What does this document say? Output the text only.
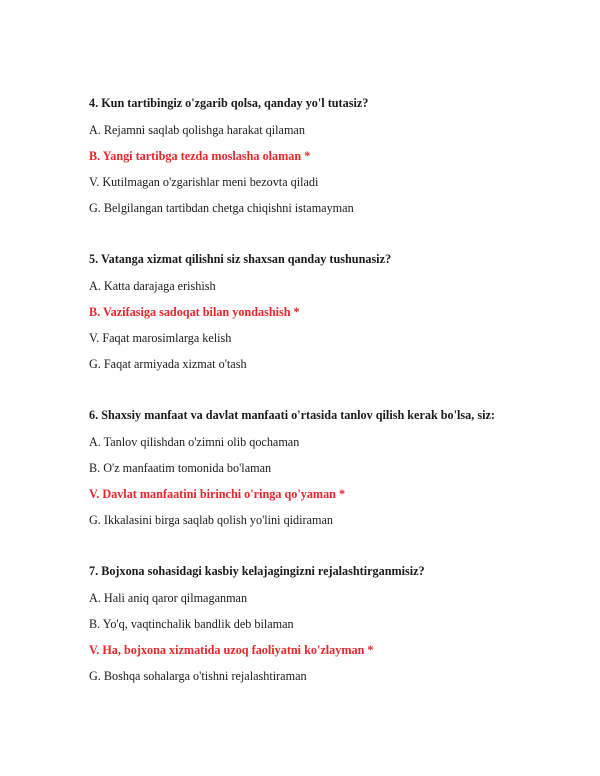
4. Kun tartibingiz o'zgarib qolsa, qanday yo'l tutasiz?

A. Rejamni saqlab qolishga harakat qilaman

B. Yangi tartibga tezda moslasha olaman *

V. Kutilmagan o'zgarishlar meni bezovta qiladi

G. Belgilangan tartibdan chetga chiqishni istamayman

5. Vatanga xizmat qilishni siz shaxsan qanday tushunasiz?

A. Katta darajaga erishish

B. Vazifasiga sadoqat bilan yondashish *

V. Faqat marosimlarga kelish

G. Faqat armiyada xizmat o'tash

6. Shaxsiy manfaat va davlat manfaati o'rtasida tanlov qilish kerak bo'lsa, siz:

A. Tanlov qilishdan o'zimni olib qochaman

B. O'z manfaatim tomonida bo'laman

V. Davlat manfaatini birinchi o'ringa qo'yaman *

G. Ikkalasini birga saqlab qolish yo'lini qidiraman

7. Bojxona sohasidagi kasbiy kelajagingizni rejalashtirganmisiz?

A. Hali aniq qaror qilmaganman

B. Yo'q, vaqtinchalik bandlik deb bilaman

V. Ha, bojxona xizmatida uzoq faoliyatni ko'zlayman *

G. Boshqa sohalarga o'tishni rejalashtiraman
